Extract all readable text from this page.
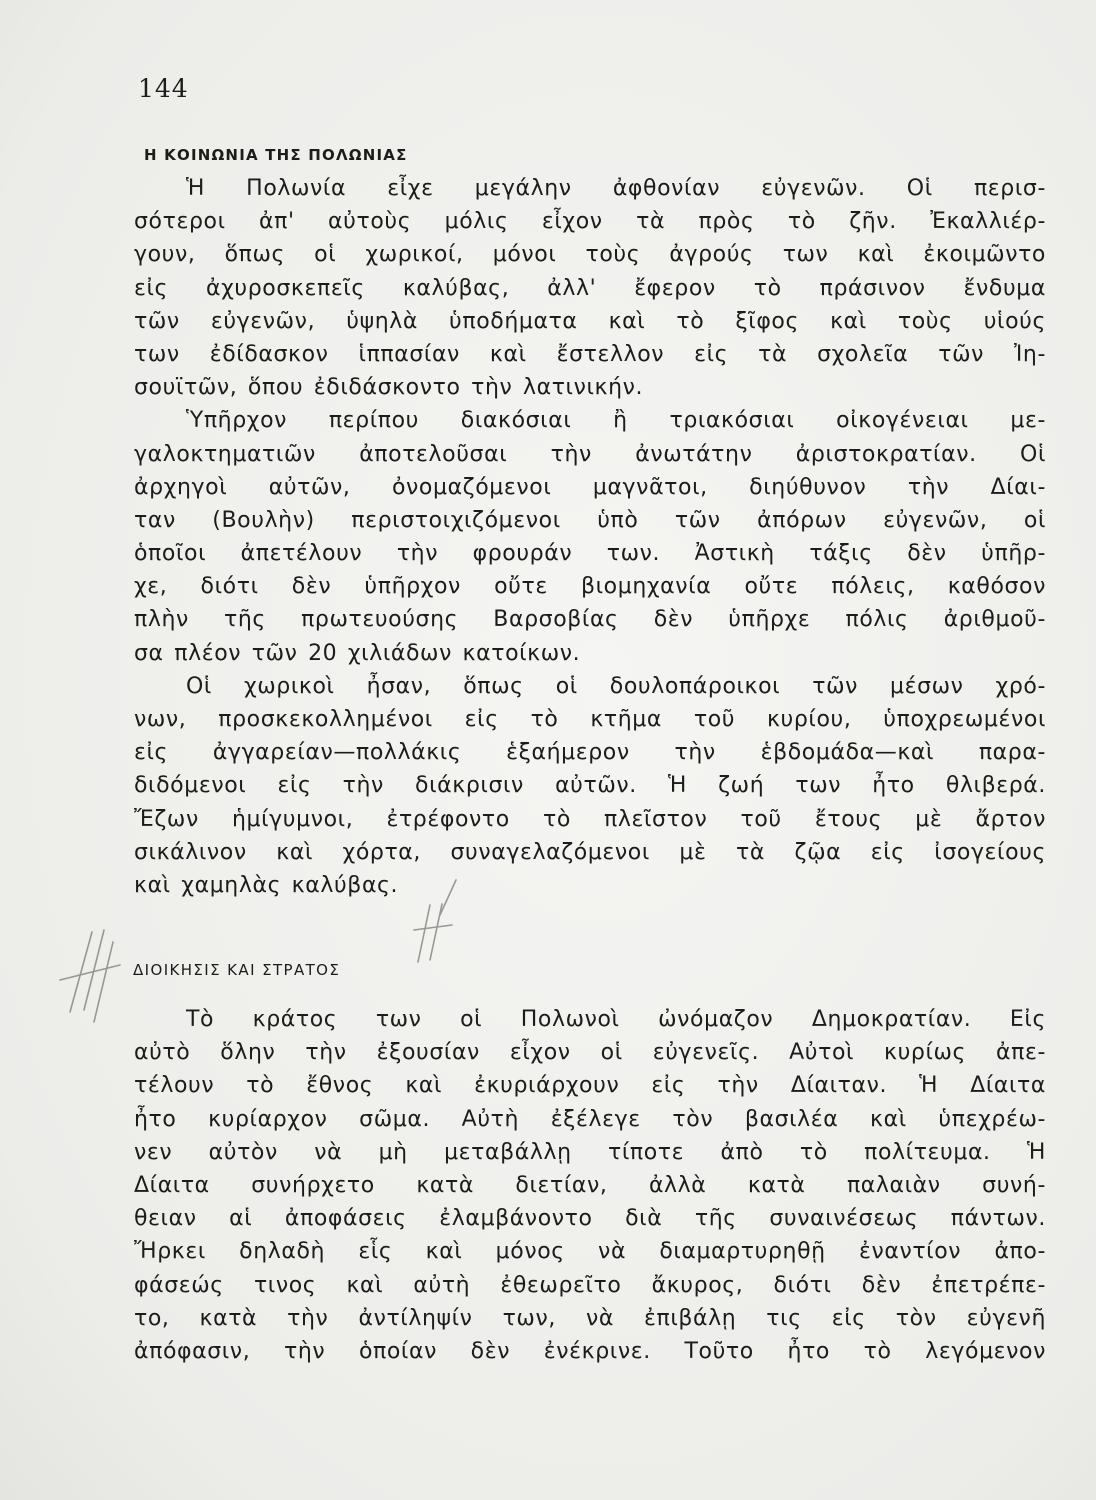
144
Η ΚΟΙΝΩΝΙΑ ΤΗΣ ΠΟΛΩΝΙΑΣ
Ἡ Πολωνία εἶχε μεγάλην ἀφθονίαν εὐγενῶν. Οἱ περισ-
σότεροι ἀπ' αὐτοὺς μόλις εἶχον τὰ πρὸς τὸ ζῆν. Ἐκαλλιέρ-
γουν, ὅπως οἱ χωρικοί, μόνοι τοὺς ἀγρούς των καὶ ἐκοιμῶντο
εἰς ἀχυροσκεπεῖς καλύβας, ἀλλ' ἔφερον τὸ πράσινον ἔνδυμα
τῶν εὐγενῶν, ὑψηλὰ ὑποδήματα καὶ τὸ ξῖφος καὶ τοὺς υἱούς
των ἐδίδασκον ἱππασίαν καὶ ἔστελλον εἰς τὰ σχολεῖα τῶν Ἰη-
σουϊτῶν, ὅπου ἐδιδάσκοντο τὴν λατινικήν.
Ὑπῆρχον περίπου διακόσιαι ἢ τριακόσιαι οἰκογένειαι με-
γαλοκτηματιῶν ἀποτελοῦσαι τὴν ἀνωτάτην ἀριστοκρατίαν. Οἱ
ἀρχηγοὶ αὐτῶν, ὀνομαζόμενοι μαγνᾶτοι, διηύθυνον τὴν Δίαι-
ταν (Βουλὴν) περιστοιχιζόμενοι ὑπὸ τῶν ἀπόρων εὐγενῶν, οἱ
ὁποῖοι ἀπετέλουν τὴν φρουράν των. Ἀστικὴ τάξις δὲν ὑπῆρ-
χε, διότι δὲν ὑπῆρχον οὔτε βιομηχανία οὔτε πόλεις, καθόσον
πλὴν τῆς πρωτευούσης Βαρσοβίας δὲν ὑπῆρχε πόλις ἀριθμοῦ-
σα πλέον τῶν 20 χιλιάδων κατοίκων.
Οἱ χωρικοὶ ἦσαν, ὅπως οἱ δουλοπάροικοι τῶν μέσων χρό-
νων, προσκεκολλημένοι εἰς τὸ κτῆμα τοῦ κυρίου, ὑποχρεωμένοι
εἰς ἀγγαρείαν—πολλάκις ἑξαήμερον τὴν ἑβδομάδα—καὶ παρα-
διδόμενοι εἰς τὴν διάκρισιν αὐτῶν. Ἡ ζωή των ἦτο θλιβερά.
Ἔζων ἡμίγυμνοι, ἐτρέφοντο τὸ πλεῖστον τοῦ ἔτους μὲ ἄρτον
σικάλινον καὶ χόρτα, συναγελαζόμενοι μὲ τὰ ζῷα εἰς ἰσογείους
καὶ χαμηλὰς καλύβας.
ΔΙΟΙΚΗΣΙΣ ΚΑΙ ΣΤΡΑΤΟΣ
Τὸ κράτος των οἱ Πολωνοὶ ὠνόμαζον Δημοκρατίαν. Εἰς
αὐτὸ ὅλην τὴν ἐξουσίαν εἶχον οἱ εὐγενεῖς. Αὐτοὶ κυρίως ἀπε-
τέλουν τὸ ἔθνος καὶ ἐκυριάρχουν εἰς τὴν Δίαιταν. Ἡ Δίαιτα
ἦτο κυρίαρχον σῶμα. Αὐτὴ ἐξέλεγε τὸν βασιλέα καὶ ὑπεχρέω-
νεν αὐτὸν νὰ μὴ μεταβάλλῃ τίποτε ἀπὸ τὸ πολίτευμα. Ἡ
Δίαιτα συνήρχετο κατὰ διετίαν, ἀλλὰ κατὰ παλαιὰν συνή-
θειαν αἱ ἀποφάσεις ἐλαμβάνοντο διὰ τῆς συναινέσεως πάντων.
Ἤρκει δηλαδὴ εἷς καὶ μόνος νὰ διαμαρτυρηθῇ ἐναντίον ἀπο-
φάσεώς τινος καὶ αὐτὴ ἐθεωρεῖτο ἄκυρος, διότι δὲν ἐπετρέπε-
το, κατὰ τὴν ἀντίληψίν των, νὰ ἐπιβάλῃ τις εἰς τὸν εὐγενῆ
ἀπόφασιν, τὴν ὁποίαν δὲν ἐνέκρινε. Τοῦτο ἦτο τὸ λεγόμενον
